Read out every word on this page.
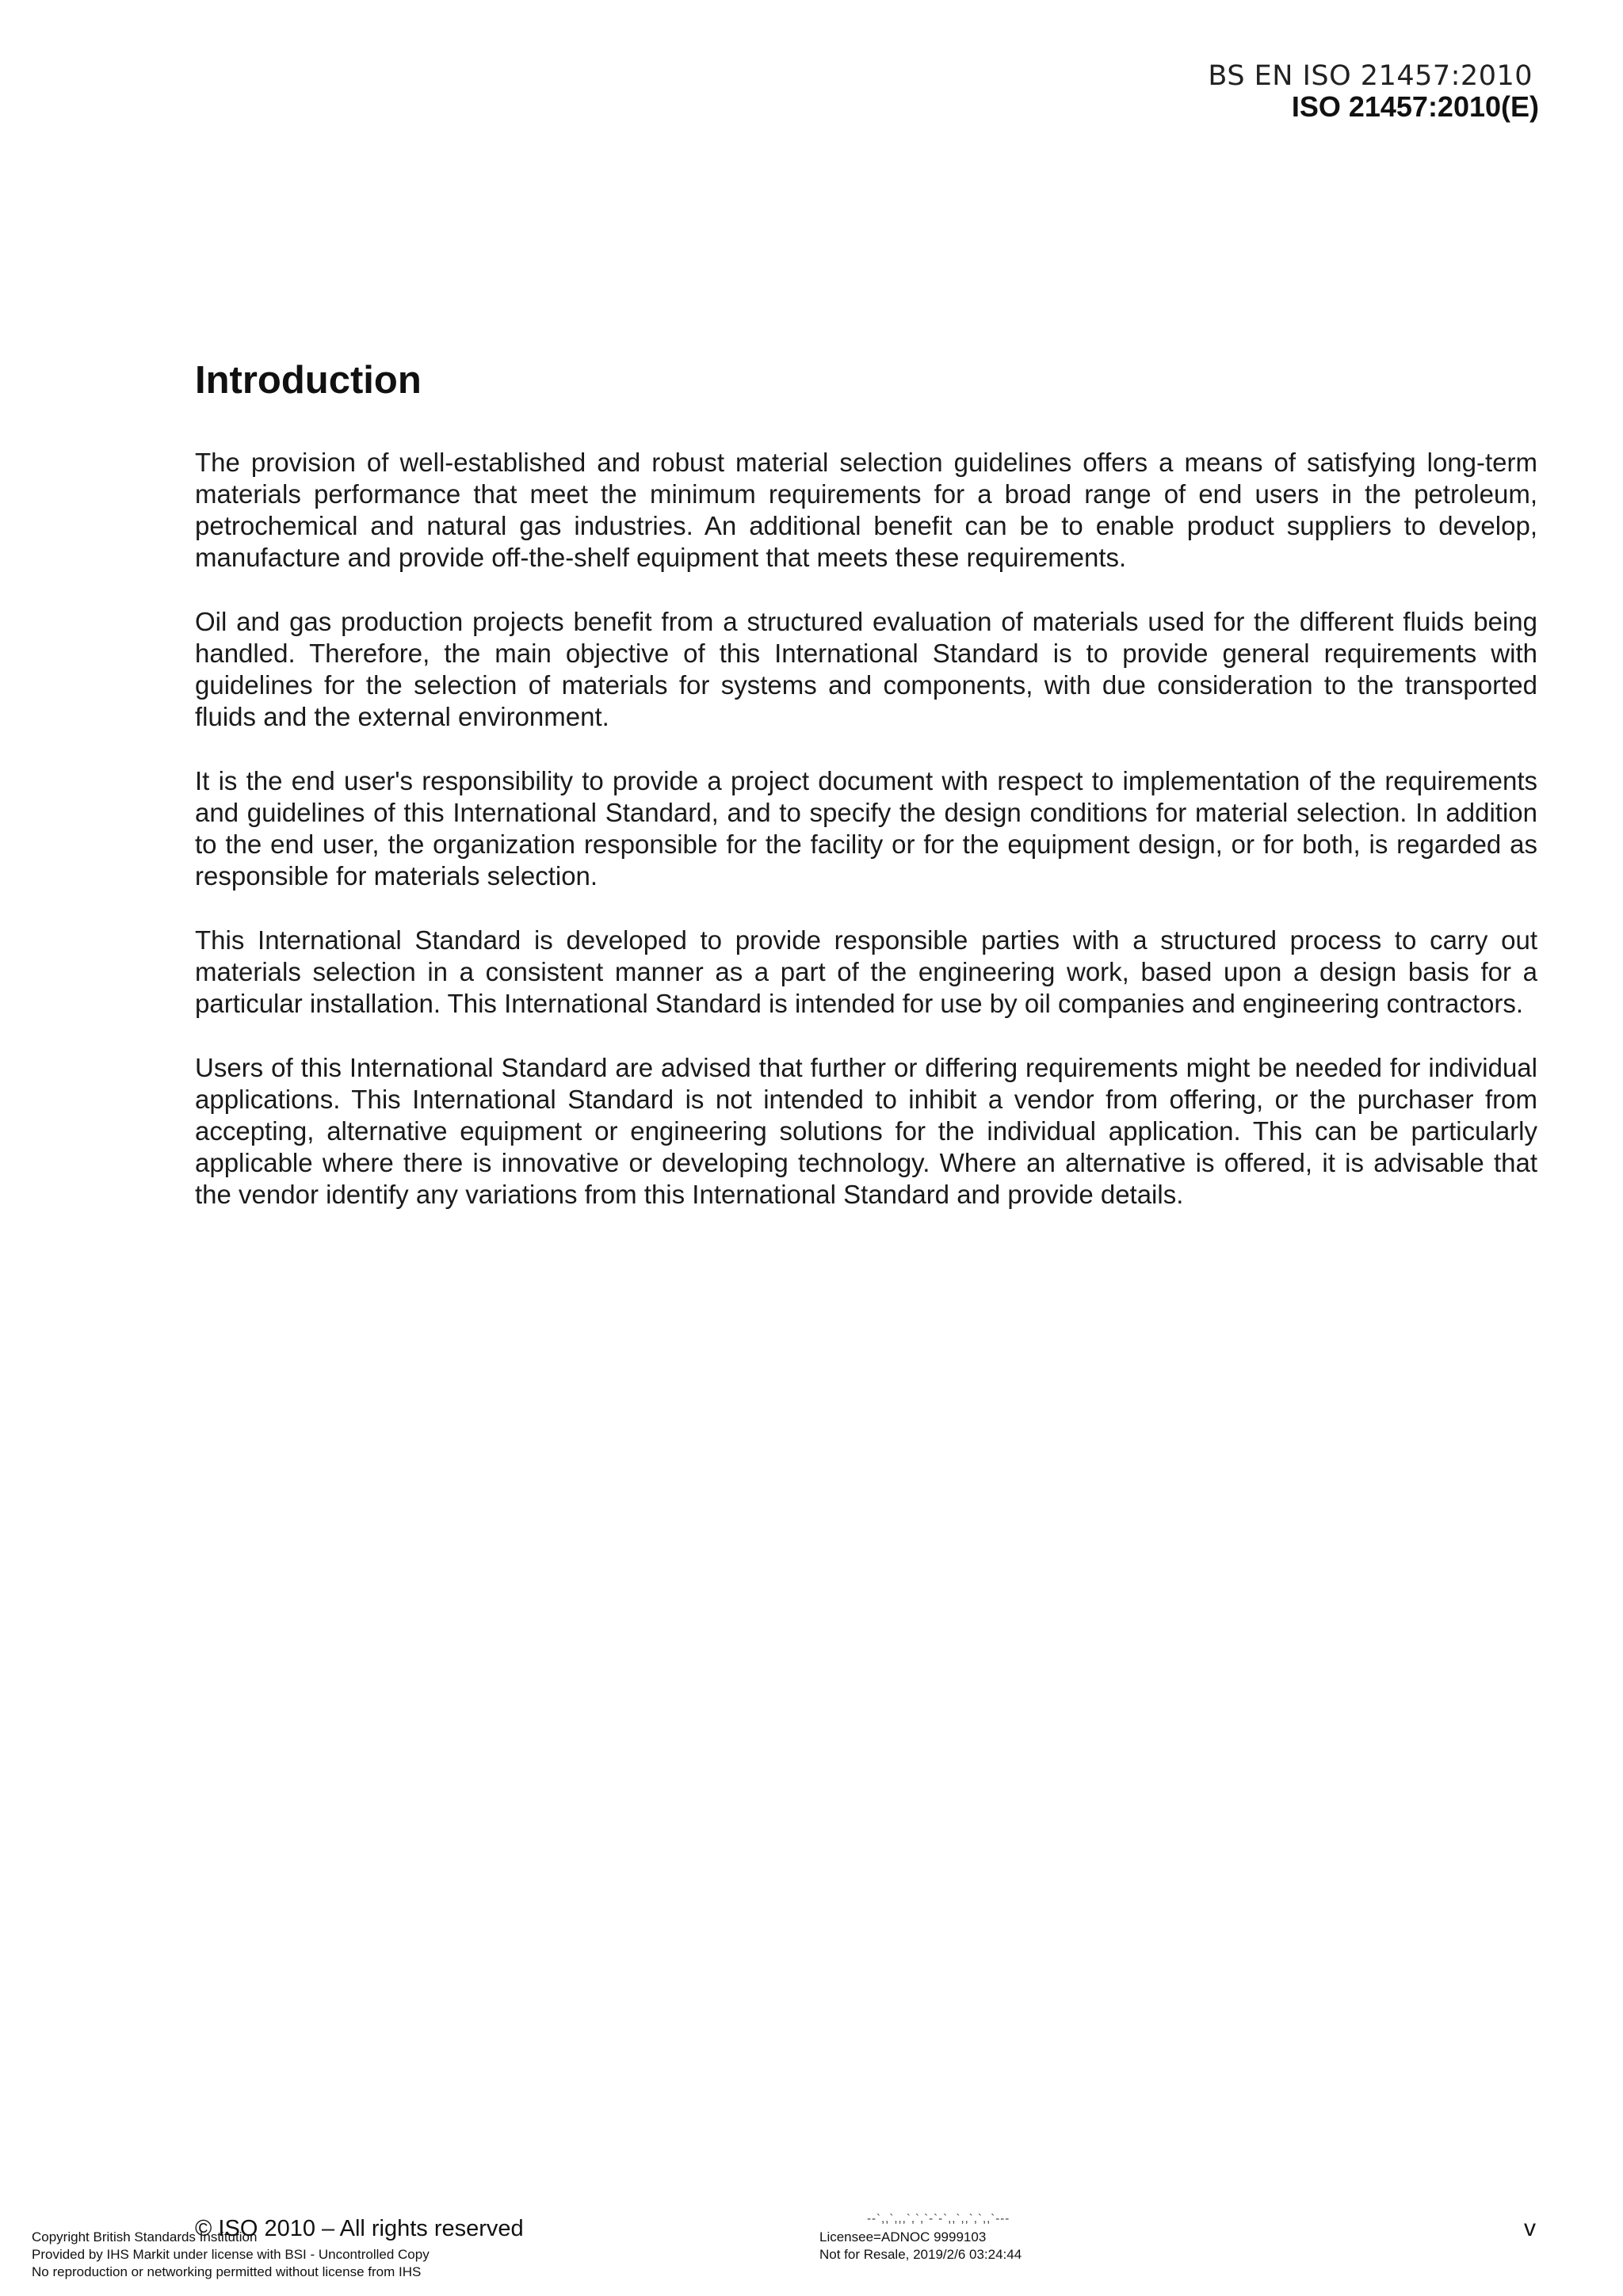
BS EN ISO 21457:2010
ISO 21457:2010(E)
Introduction

The provision of well-established and robust material selection guidelines offers a means of satisfying long-term materials performance that meet the minimum requirements for a broad range of end users in the petroleum, petrochemical and natural gas industries. An additional benefit can be to enable product suppliers to develop, manufacture and provide off-the-shelf equipment that meets these requirements.

Oil and gas production projects benefit from a structured evaluation of materials used for the different fluids being handled. Therefore, the main objective of this International Standard is to provide general requirements with guidelines for the selection of materials for systems and components, with due consideration to the transported fluids and the external environment.

It is the end user's responsibility to provide a project document with respect to implementation of the requirements and guidelines of this International Standard, and to specify the design conditions for material selection. In addition to the end user, the organization responsible for the facility or for the equipment design, or for both, is regarded as responsible for materials selection.

This International Standard is developed to provide responsible parties with a structured process to carry out materials selection in a consistent manner as a part of the engineering work, based upon a design basis for a particular installation. This International Standard is intended for use by oil companies and engineering contractors.

Users of this International Standard are advised that further or differing requirements might be needed for individual applications. This International Standard is not intended to inhibit a vendor from offering, or the purchaser from accepting, alternative equipment or engineering solutions for the individual application. This can be particularly applicable where there is innovative or developing technology. Where an alternative is offered, it is advisable that the vendor identify any variations from this International Standard and provide details.

--`,,`,,,`,`,`-`-`,,`,,`,`,,`---
© ISO 2010 – All rights reserved	v
Copyright British Standards Institution
Provided by IHS Markit under license with BSI - Uncontrolled Copy
No reproduction or networking permitted without license from IHS
Licensee=ADNOC 9999103
Not for Resale, 2019/2/6 03:24:44
